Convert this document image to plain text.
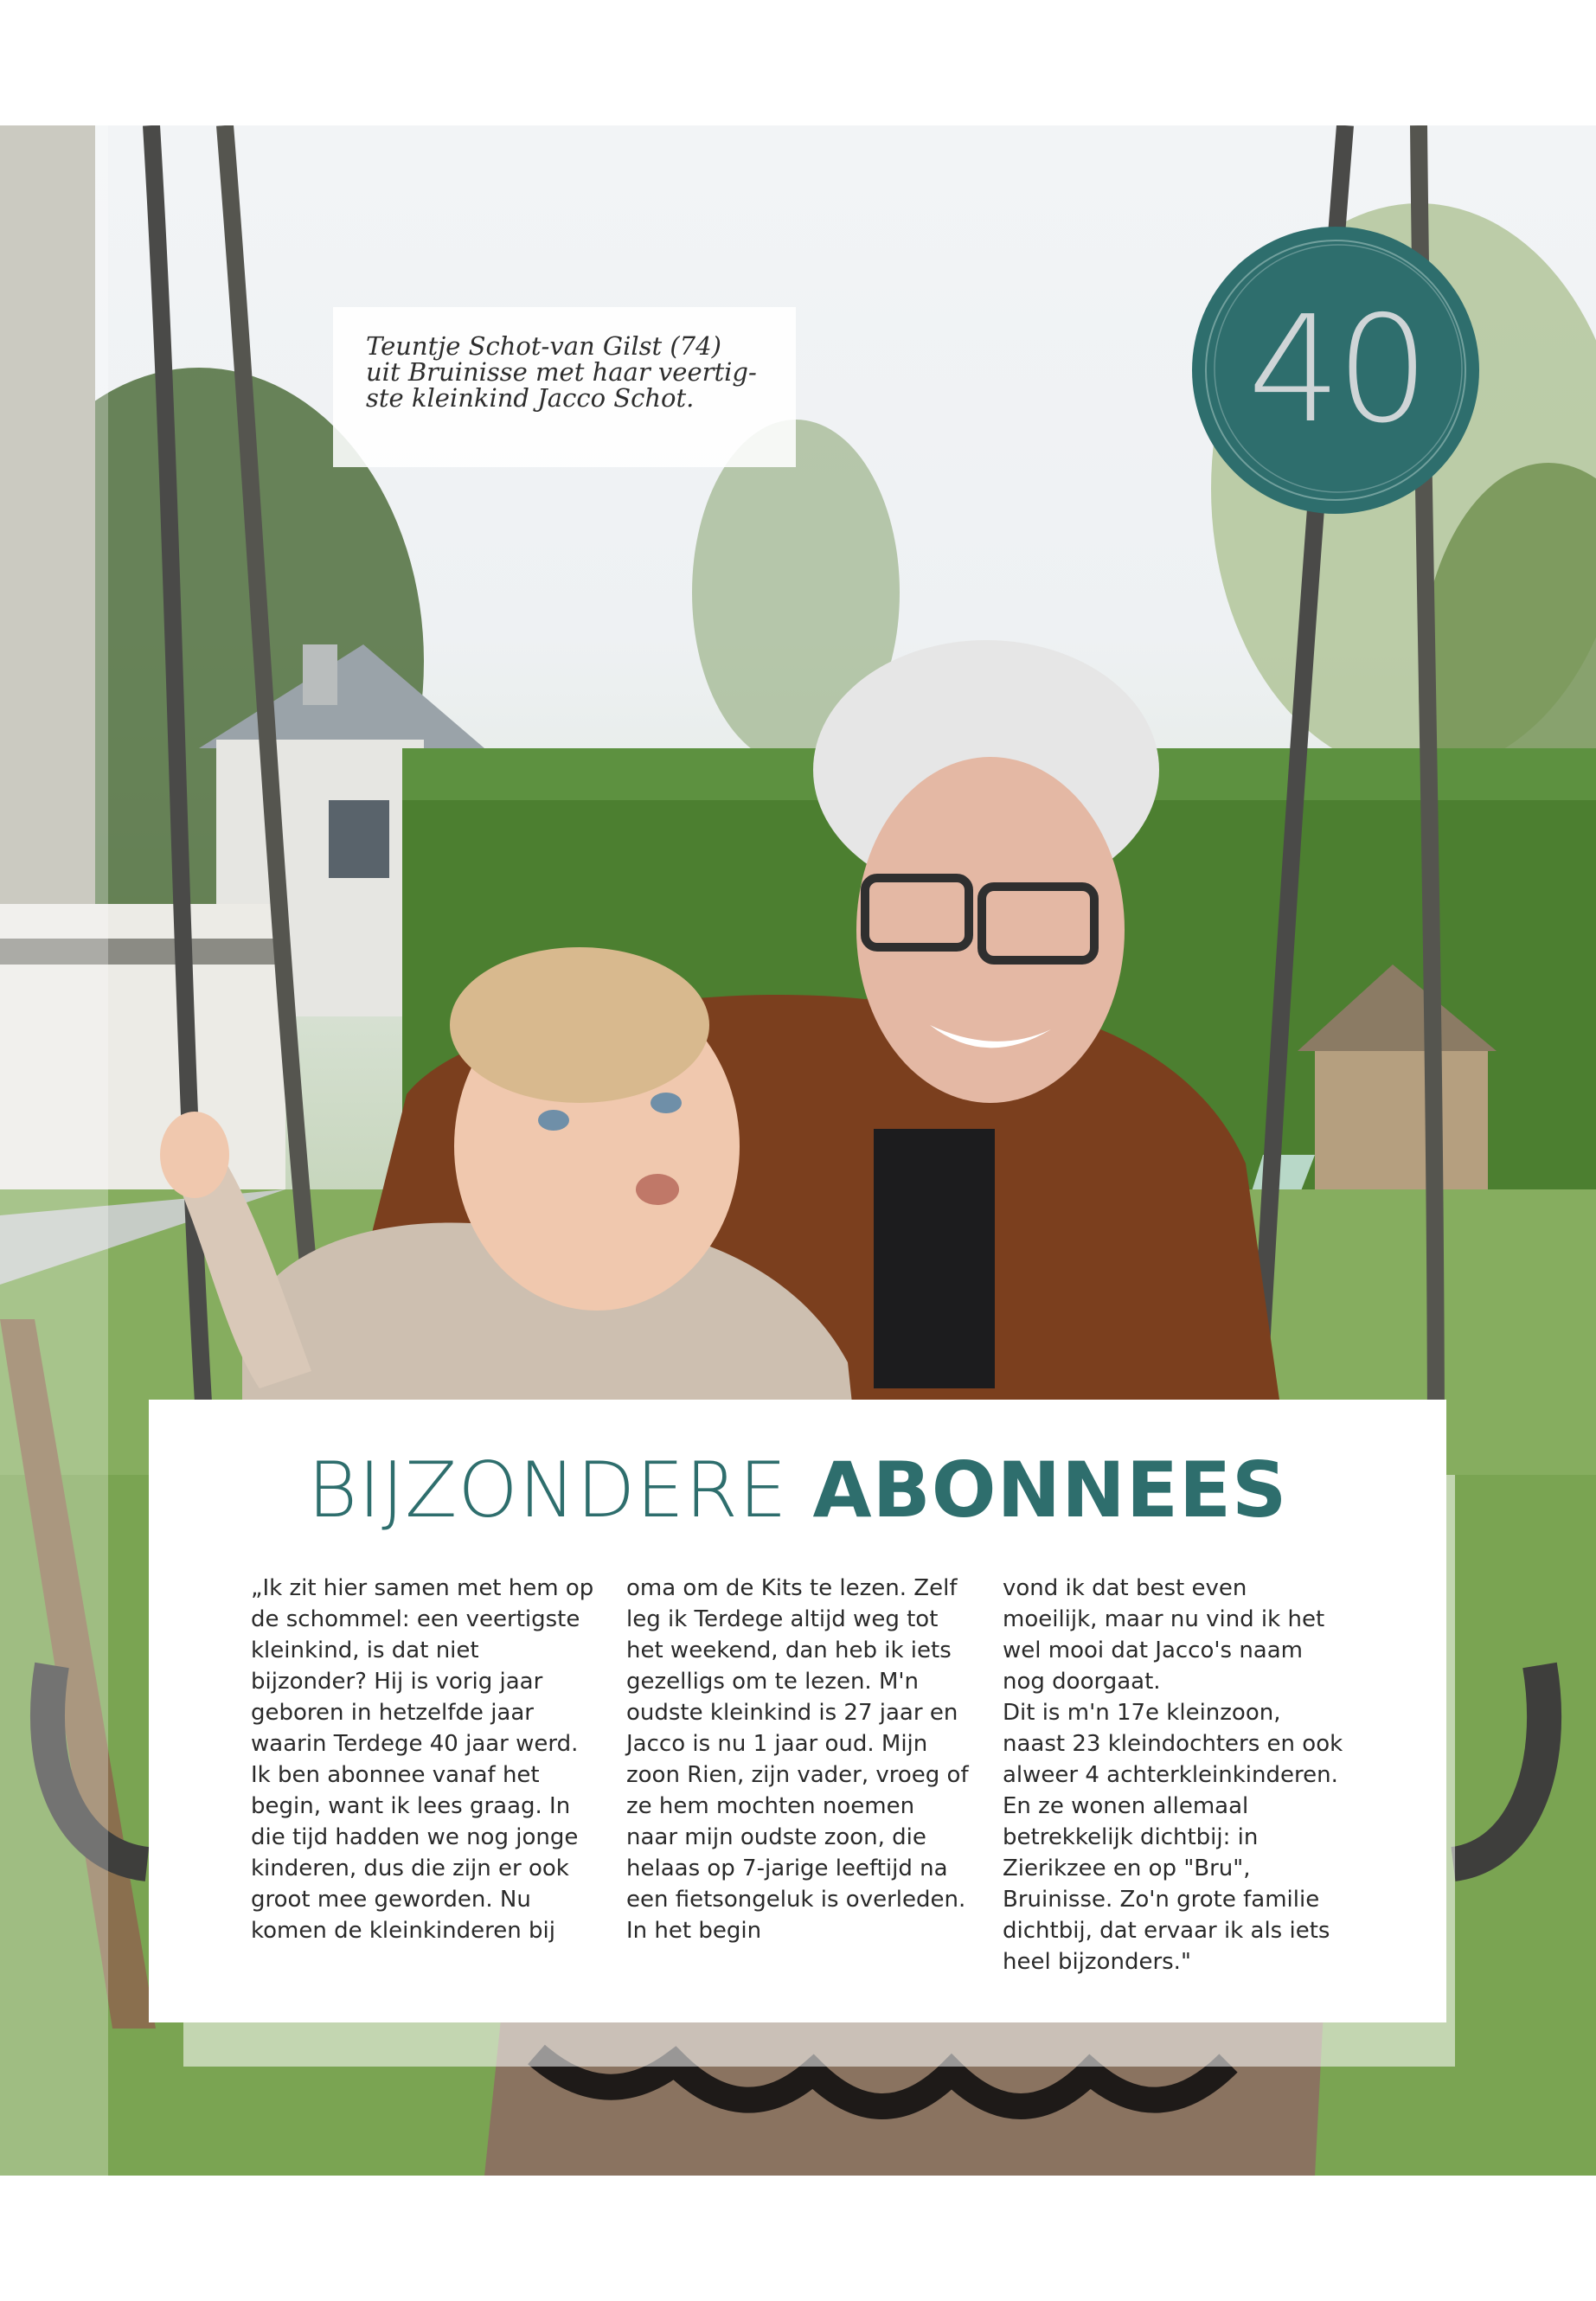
Teuntje Schot-van Gilst (74)
uit Bruinisse met haar veertig-
ste kleinkind Jacco Schot.	40
BIJZONDERE ABONNEES

„Ik zit hier samen met hem op de schommel: een veertigste kleinkind, is dat niet bijzonder? Hij is vorig jaar geboren in hetzelfde jaar waarin Terdege 40 jaar werd.

Ik ben abonnee vanaf het begin, want ik lees graag. In die tijd hadden we nog jonge kinderen, dus die zijn er ook groot mee geworden. Nu komen de kleinkinderen bij

oma om de Kits te lezen. Zelf leg ik Terdege altijd weg tot het weekend, dan heb ik iets gezelligs om te lezen. M'n oudste kleinkind is 27 jaar en Jacco is nu 1 jaar oud. Mijn zoon Rien, zijn vader, vroeg of ze hem mochten noemen naar mijn oudste zoon, die helaas op 7-jarige leeftijd na een fietsongeluk is overleden. In het begin

vond ik dat best even moeilijk, maar nu vind ik het wel mooi dat Jacco's naam nog doorgaat.

Dit is m'n 17e kleinzoon, naast 23 kleindochters en ook alweer 4 achterkleinkinderen. En ze wonen allemaal betrekkelijk dichtbij: in Zierikzee en op "Bru", Bruinisse. Zo'n grote familie dichtbij, dat ervaar ik als iets heel bijzonders."
